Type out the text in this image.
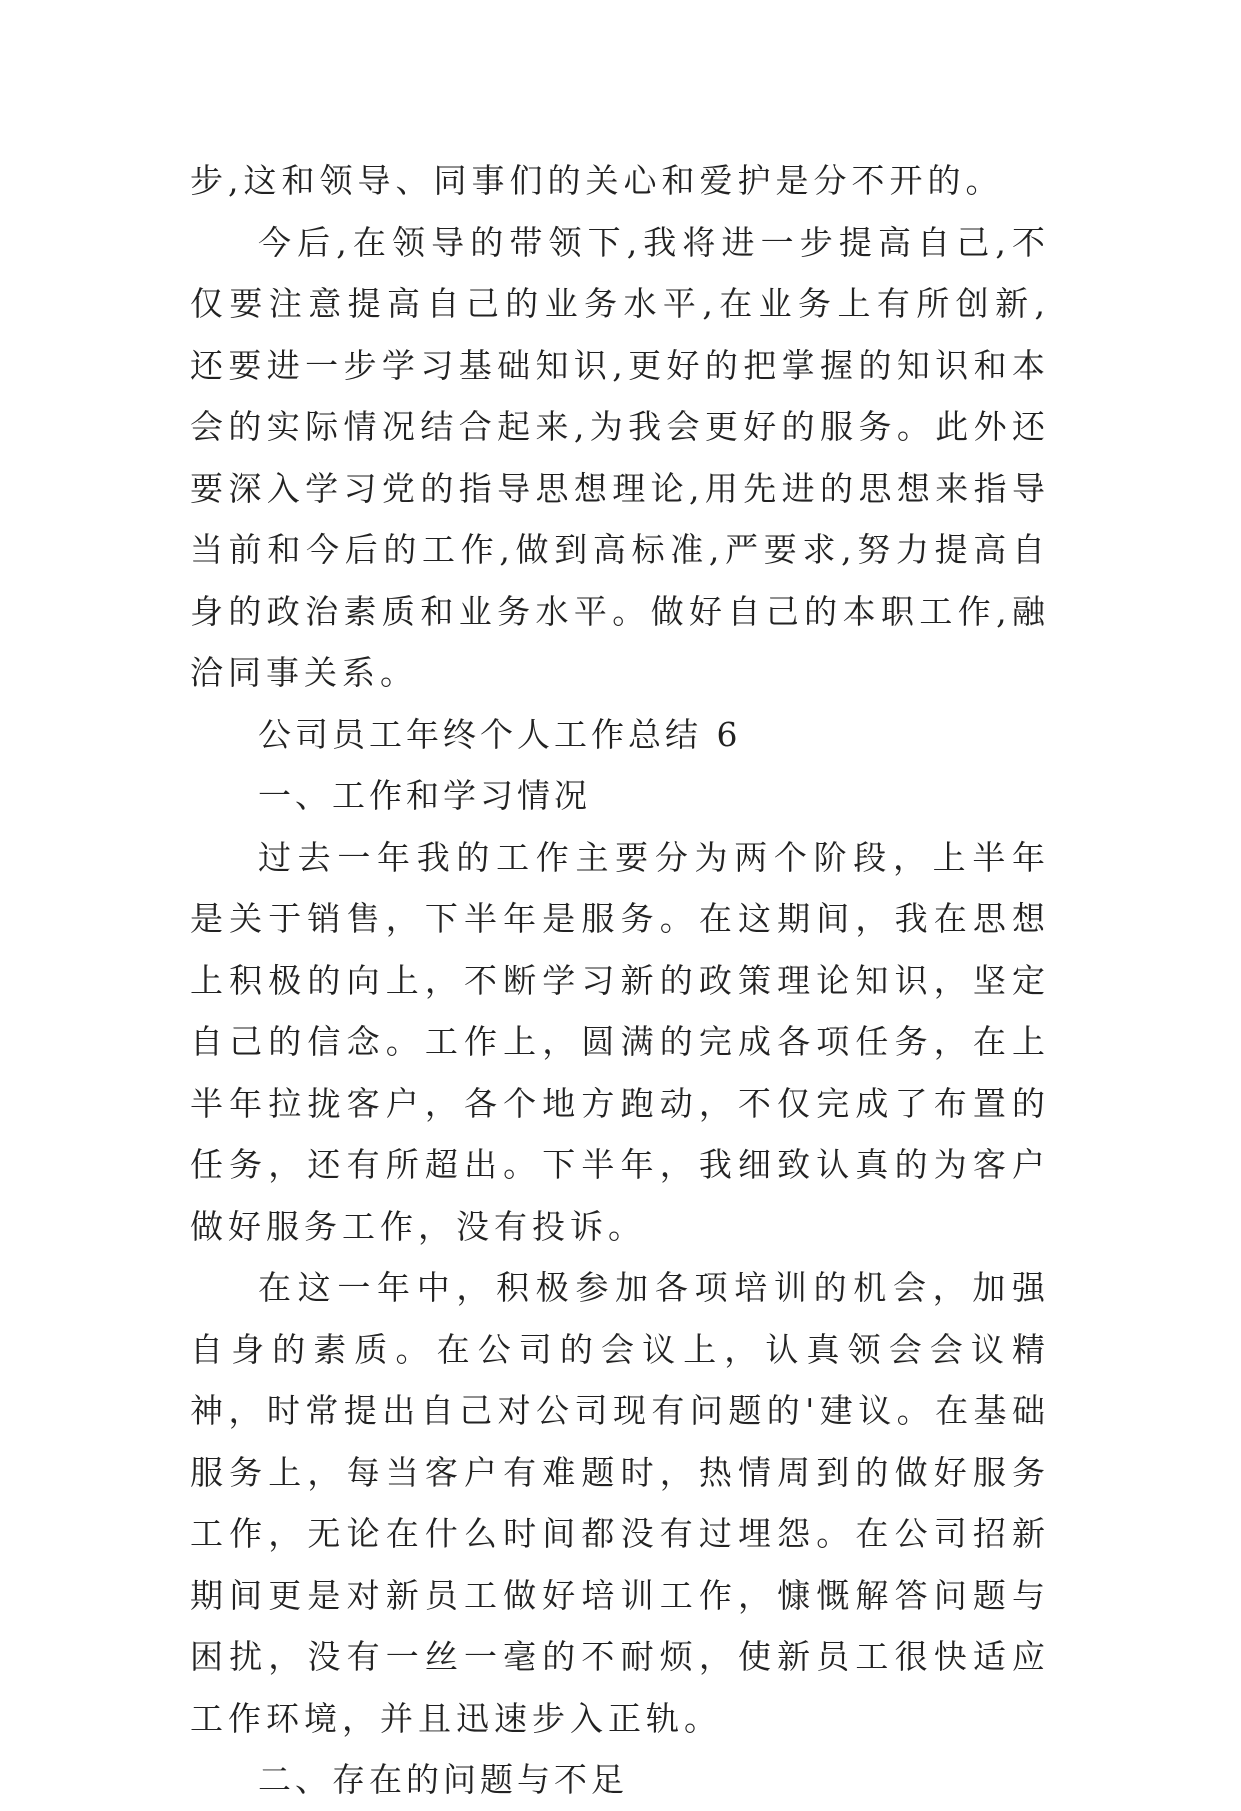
步,这和领导、同事们的关心和爱护是分不开的。

今后,在领导的带领下,我将进一步提高自己,不仅要注意提高自己的业务水平,在业务上有所创新,还要进一步学习基础知识,更好的把掌握的知识和本会的实际情况结合起来,为我会更好的服务。此外还要深入学习党的指导思想理论,用先进的思想来指导当前和今后的工作,做到高标准,严要求,努力提高自身的政治素质和业务水平。做好自己的本职工作,融洽同事关系。

公司员工年终个人工作总结 6

一、工作和学习情况

过去一年我的工作主要分为两个阶段，上半年是关于销售，下半年是服务。在这期间，我在思想上积极的向上，不断学习新的政策理论知识，坚定自己的信念。工作上，圆满的完成各项任务，在上半年拉拢客户，各个地方跑动，不仅完成了布置的任务，还有所超出。下半年，我细致认真的为客户做好服务工作，没有投诉。

在这一年中，积极参加各项培训的机会，加强自身的素质。在公司的会议上，认真领会会议精神，时常提出自己对公司现有问题的'建议。在基础服务上，每当客户有难题时，热情周到的做好服务工作，无论在什么时间都没有过埋怨。在公司招新期间更是对新员工做好培训工作，慷慨解答问题与困扰，没有一丝一毫的不耐烦，使新员工很快适应工作环境，并且迅速步入正轨。

二、存在的问题与不足
